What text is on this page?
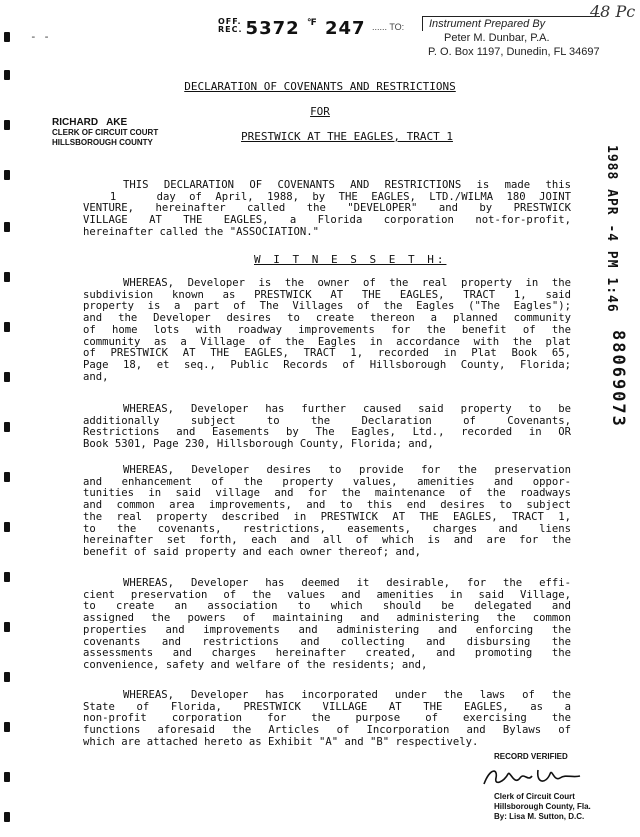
- -
OFF.
REC. 5372 ℉ 247 ...... TO:	Instrument Prepared By
Peter M. Dunbar, P.A.
P. O. Box 1197, Dunedin, FL 34697
48 Pc
DECLARATION OF COVENANTS AND RESTRICTIONS
FOR
PRESTWICK AT THE EAGLES, TRACT 1
RICHARD   AKE
CLERK OF CIRCUIT COURT
HILLSBOROUGH COUNTY
1988 APR -4 PM 1:46
88069073
THIS DECLARATION OF COVENANTS AND RESTRICTIONS is made this
1   day of April, 1988, by THE EAGLES, LTD./WILMA 180 JOINT
VENTURE, hereinafter called the "DEVELOPER" and by PRESTWICK
VILLAGE AT THE EAGLES, a Florida corporation not-for-profit,
hereinafter called the "ASSOCIATION."
W I T N E S S E T H:
WHEREAS, Developer is the owner of the real property in the
subdivision known as PRESTWICK AT THE EAGLES, TRACT 1, said
property is a part of The Villages of the Eagles ("The Eagles");
and the Developer desires to create thereon a planned community
of home lots with roadway improvements for the benefit of the
community as a Village of the Eagles in accordance with the plat
of PRESTWICK AT THE EAGLES, TRACT 1, recorded in Plat Book 65,
Page 18, et seq., Public Records of Hillsborough County, Florida;
and,
WHEREAS, Developer has further caused said property to be
additionally subject to the Declaration of Covenants,
Restrictions and Easements by The Eagles, Ltd., recorded in OR
Book 5301, Page 230, Hillsborough County, Florida; and,
WHEREAS, Developer desires to provide for the preservation
and enhancement of the property values, amenities and oppor-
tunities in said village and for the maintenance of the roadways
and common area improvements, and to this end desires to subject
the real property described in PRESTWICK AT THE EAGLES, TRACT 1,
to the covenants, restrictions, easements, charges and liens
hereinafter set forth, each and all of which is and are for the
benefit of said property and each owner thereof; and,
WHEREAS, Developer has deemed it desirable, for the effi-
cient preservation of the values and amenities in said Village,
to create an association to which should be delegated and
assigned the powers of maintaining and administering the common
properties and improvements and administering and enforcing the
covenants and restrictions and collecting and disbursing the
assessments and charges hereinafter created, and promoting the
convenience, safety and welfare of the residents; and,
WHEREAS, Developer has incorporated under the laws of the
State of Florida, PRESTWICK VILLAGE AT THE EAGLES, as a
non-profit corporation for the purpose of exercising the
functions aforesaid the Articles of Incorporation and Bylaws of
which are attached hereto as Exhibit "A" and "B" respectively.
RECORD VERIFIED
Clerk of Circuit Court
Hillsborough County, Fla.
By: Lisa M. Sutton, D.C.
